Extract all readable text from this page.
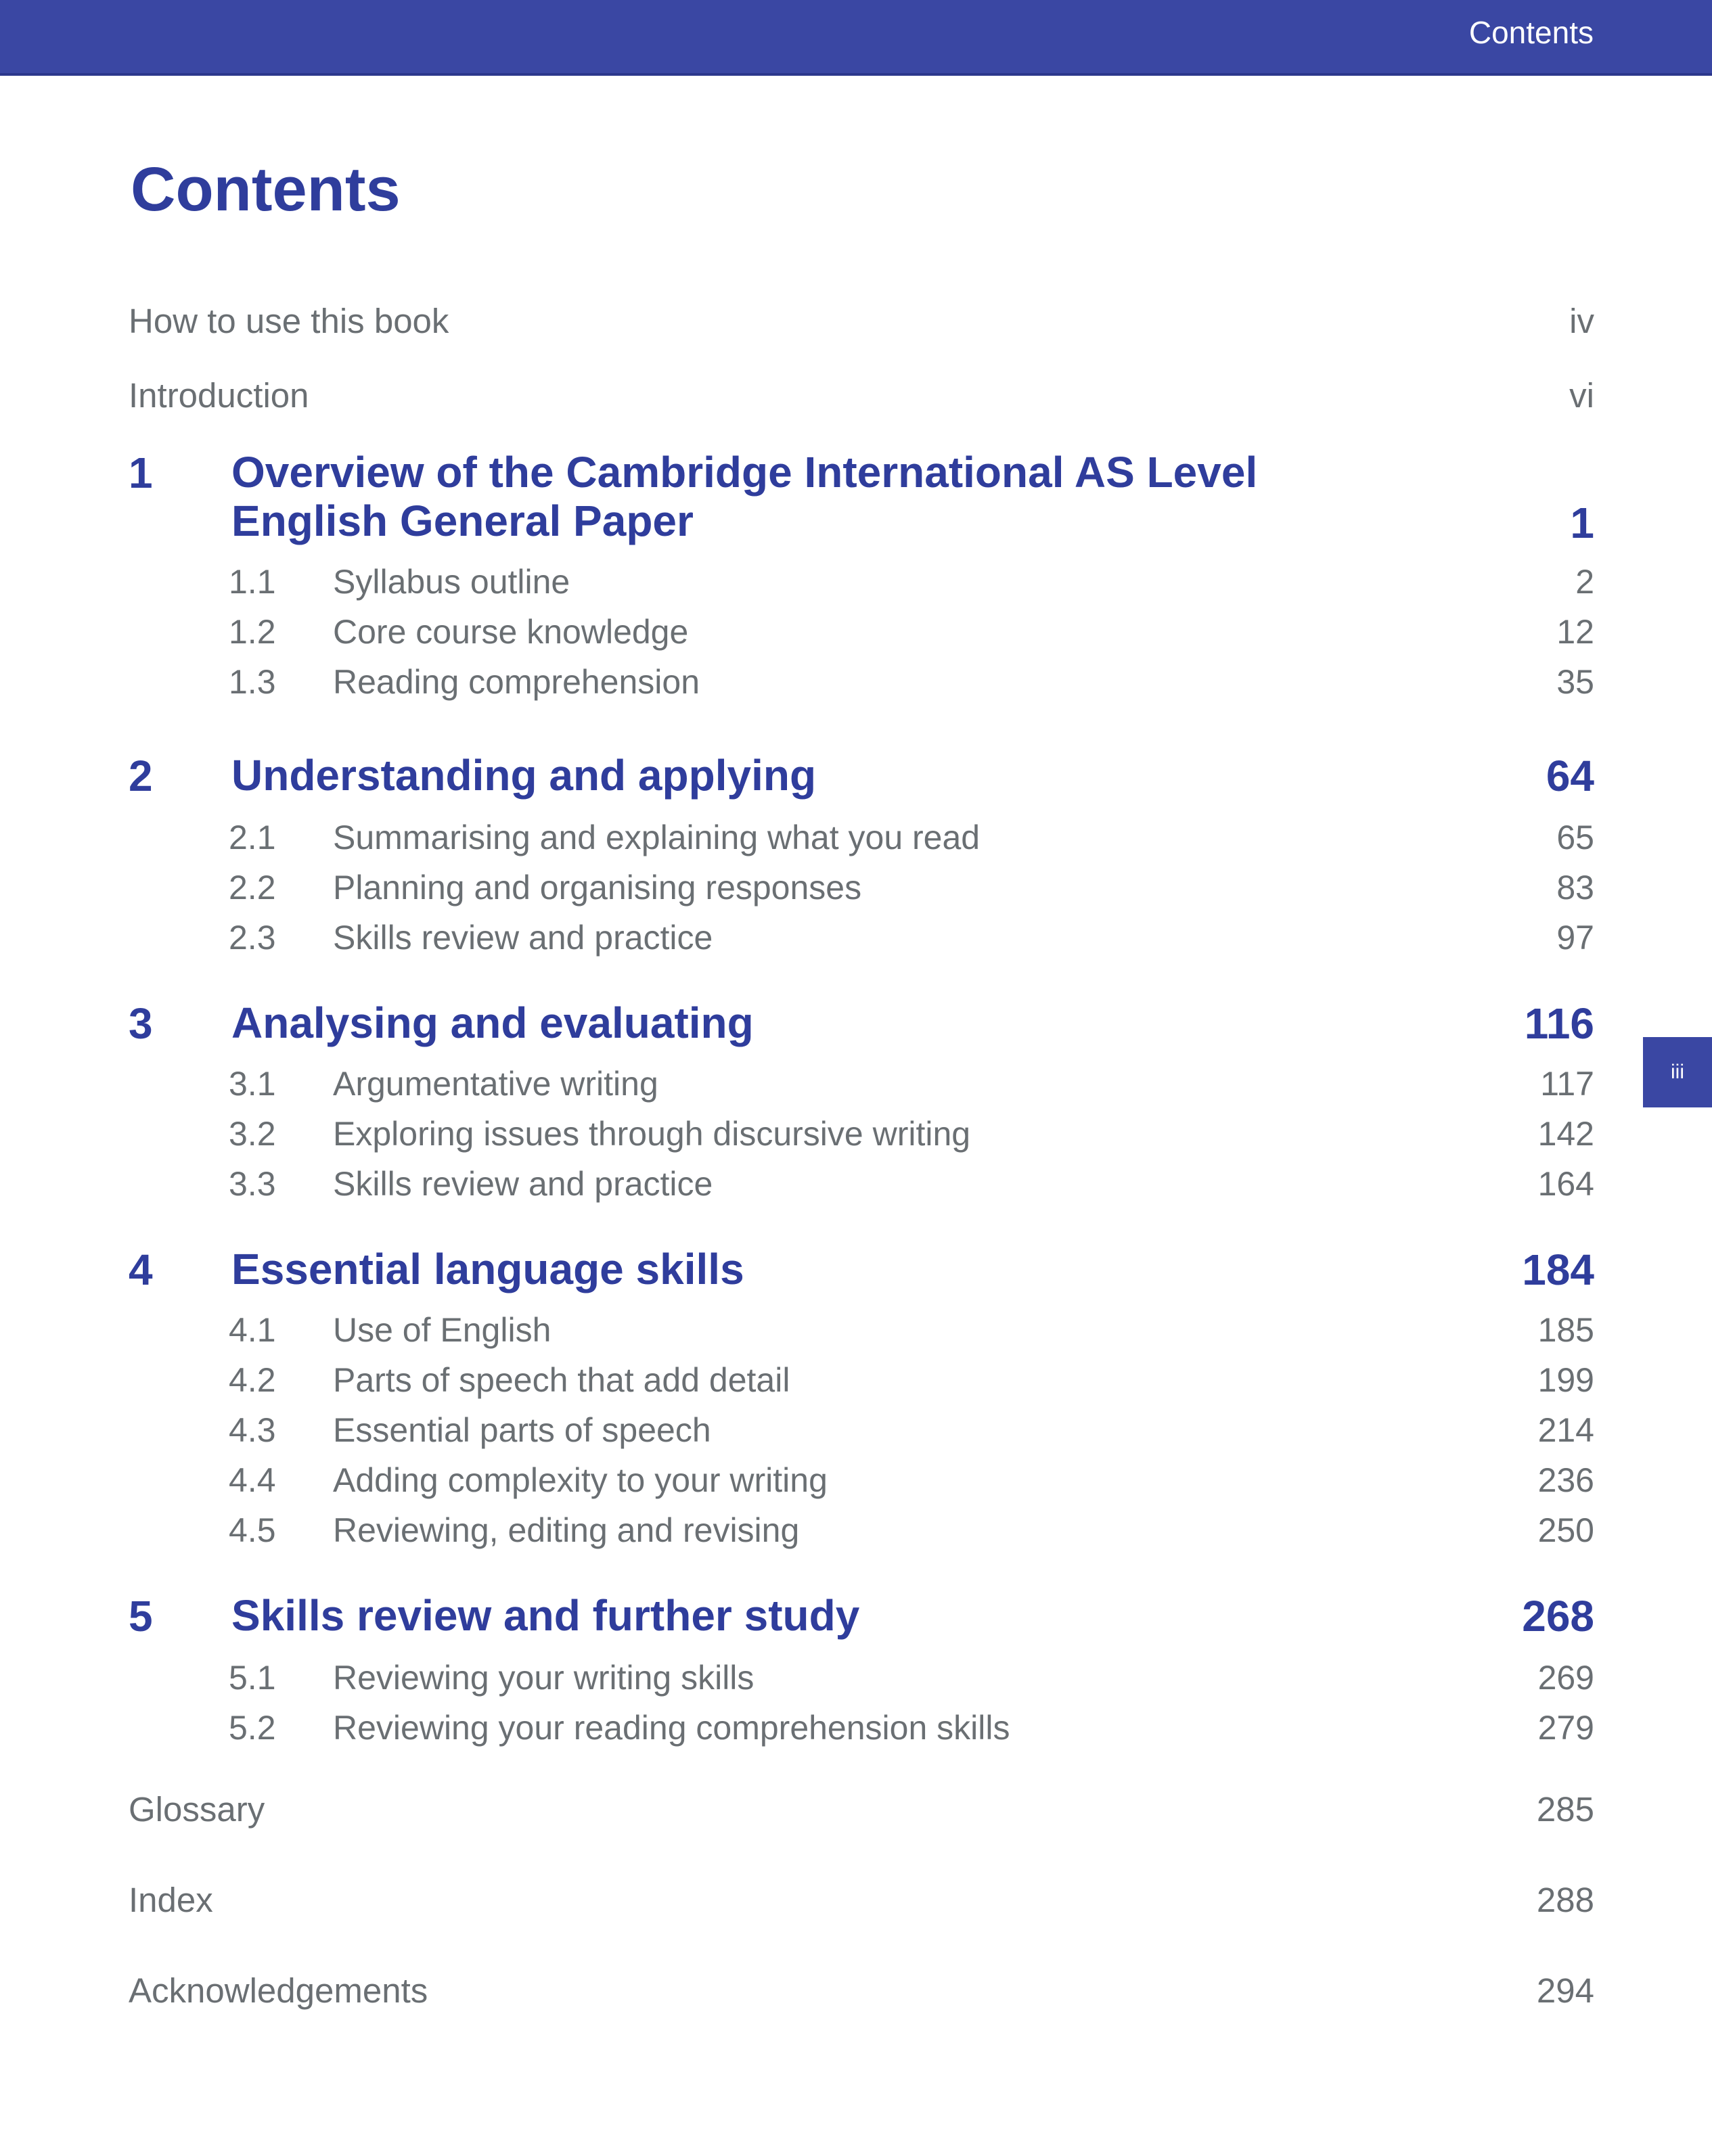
Contents
iii
Contents
How to use this book	iv
Introduction	vi
1 Overview of the Cambridge International AS Level English General Paper	1
1.1 Syllabus outline	2
1.2 Core course knowledge	12
1.3 Reading comprehension	35
2 Understanding and applying	64
2.1 Summarising and explaining what you read	65
2.2 Planning and organising responses	83
2.3 Skills review and practice	97
3 Analysing and evaluating	116
3.1 Argumentative writing	117
3.2 Exploring issues through discursive writing	142
3.3 Skills review and practice	164
4 Essential language skills	184
4.1 Use of English	185
4.2 Parts of speech that add detail	199
4.3 Essential parts of speech	214
4.4 Adding complexity to your writing	236
4.5 Reviewing, editing and revising	250
5 Skills review and further study	268
5.1 Reviewing your writing skills	269
5.2 Reviewing your reading comprehension skills	279
Glossary	285
Index	288
Acknowledgements	294
